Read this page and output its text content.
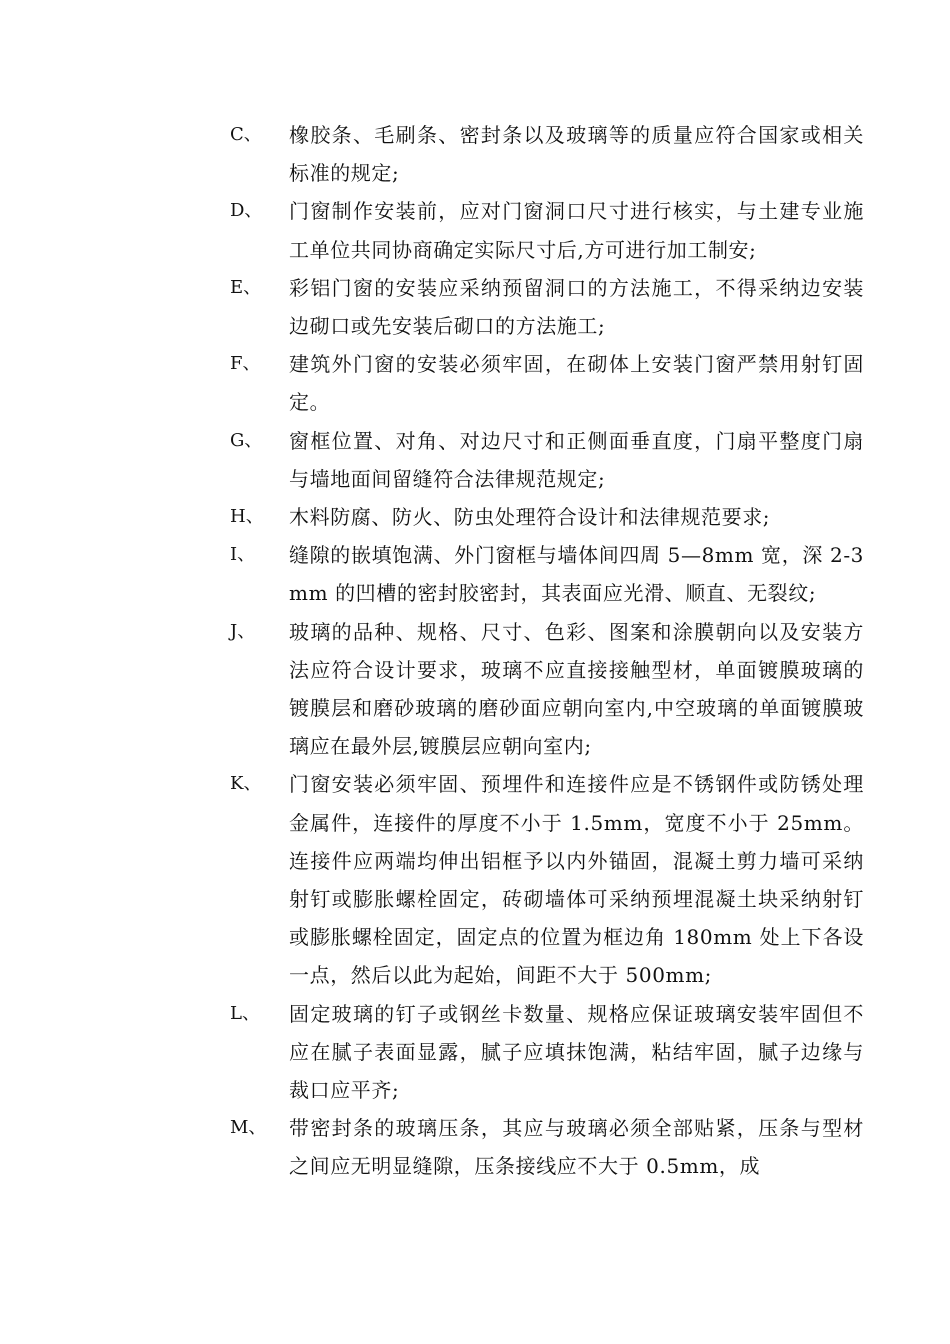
C、	橡胶条、毛刷条、密封条以及玻璃等的质量应符合国家或相关标准的规定;
D、	门窗制作安装前，应对门窗洞口尺寸进行核实，与土建专业施工单位共同协商确定实际尺寸后,方可进行加工制安;
E、	彩铝门窗的安装应采纳预留洞口的方法施工，不得采纳边安装边砌口或先安装后砌口的方法施工;
F、	建筑外门窗的安装必须牢固，在砌体上安装门窗严禁用射钉固定。
G、	窗框位置、对角、对边尺寸和正侧面垂直度，门扇平整度门扇与墙地面间留缝符合法律规范规定;
H、	木料防腐、防火、防虫处理符合设计和法律规范要求;
I、	缝隙的嵌填饱满、外门窗框与墙体间四周 5—8mm 宽，深 2-3mm 的凹槽的密封胶密封，其表面应光滑、顺直、无裂纹;
J、	玻璃的品种、规格、尺寸、色彩、图案和涂膜朝向以及安装方法应符合设计要求，玻璃不应直接接触型材，单面镀膜玻璃的镀膜层和磨砂玻璃的磨砂面应朝向室内,中空玻璃的单面镀膜玻璃应在最外层,镀膜层应朝向室内;
K、	门窗安装必须牢固、预埋件和连接件应是不锈钢件或防锈处理金属件，连接件的厚度不小于 1.5mm，宽度不小于 25mm。连接件应两端均伸出铝框予以内外锚固，混凝土剪力墙可采纳射钉或膨胀螺栓固定，砖砌墙体可采纳预埋混凝土块采纳射钉或膨胀螺栓固定，固定点的位置为框边角 180mm 处上下各设一点，然后以此为起始，间距不大于 500mm;
L、	固定玻璃的钉子或钢丝卡数量、规格应保证玻璃安装牢固但不应在腻子表面显露，腻子应填抹饱满，粘结牢固，腻子边缘与裁口应平齐;
M、	带密封条的玻璃压条，其应与玻璃必须全部贴紧，压条与型材之间应无明显缝隙，压条接线应不大于 0.5mm，成
